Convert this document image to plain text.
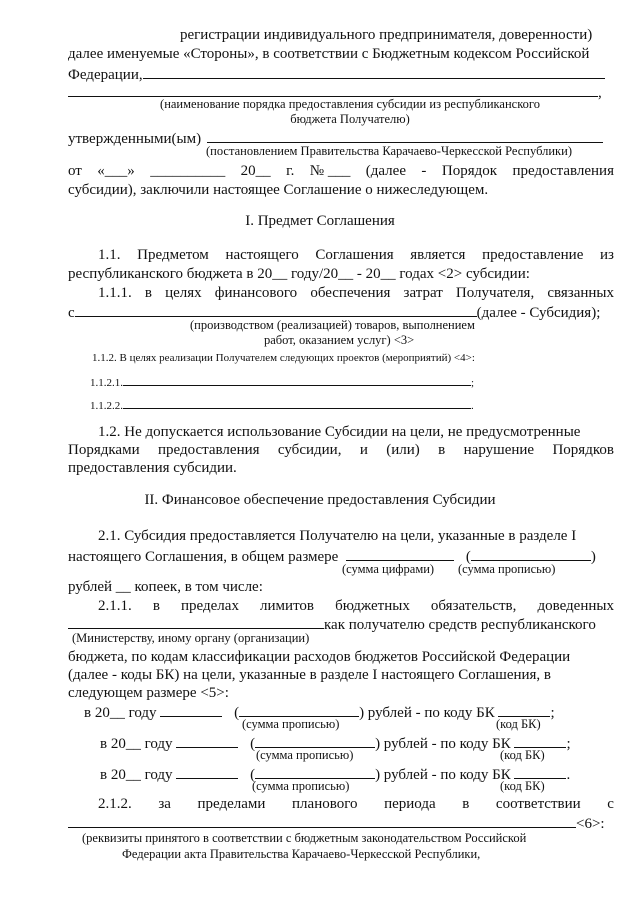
регистрации индивидуального предпринимателя, доверенности)
далее именуемые «Стороны», в соответствии с Бюджетным кодексом Российской
Федерации,
,
(наименование порядка предоставления субсидии из республиканского
бюджета Получателю)
утвержденными(ым)
(постановлением Правительства Карачаево-Черкесской Республики)
от «___» __________ 20__ г. № ___ (далее - Порядок предоставления
субсидии), заключили настоящее Соглашение о нижеследующем.
I. Предмет Соглашения
1.1. Предметом настоящего Соглашения является предоставление из
республиканского бюджета в 20__ году/20__ - 20__ годах <2> субсидии:
1.1.1. в целях финансового обеспечения затрат Получателя, связанных
с	(далее - Субсидия);
(производством (реализацией) товаров, выполнением
работ, оказанием услуг) <3>
1.1.2. В целях реализации Получателем следующих проектов (мероприятий) <4>:
1.1.2.1.	;
1.1.2.2.	.
1.2. Не допускается использование Субсидии на цели, не предусмотренные
Порядками предоставления субсидии, и (или) в нарушение Порядков
предоставления субсидии.
II. Финансовое обеспечение предоставления Субсидии
2.1. Субсидия предоставляется Получателю на цели, указанные в разделе I
настоящего Соглашения, в общем размере	(	)
(сумма цифрами) (сумма прописью)
рублей __ копеек, в том числе:
2.1.1. в пределах лимитов бюджетных обязательств, доведенных
как получателю средств республиканского
(Министерству, иному органу (организации)
бюджета, по кодам классификации расходов бюджетов Российской Федерации
(далее - коды БК) на цели, указанные в разделе I настоящего Соглашения, в
следующем размере <5>:
в 20__ году	(	) рублей - по коду БК	;
(сумма прописью)	(код БК)
в 20__ году	(	) рублей - по коду БК	;
(сумма прописью)	(код БК)
в 20__ году	(	) рублей - по коду БК	.
(сумма прописью)	(код БК)
2.1.2. за пределами планового периода в соответствии с
<6>:
(реквизиты принятого в соответствии с бюджетным законодательством Российской
Федерации акта Правительства Карачаево-Черкесской Республики,
